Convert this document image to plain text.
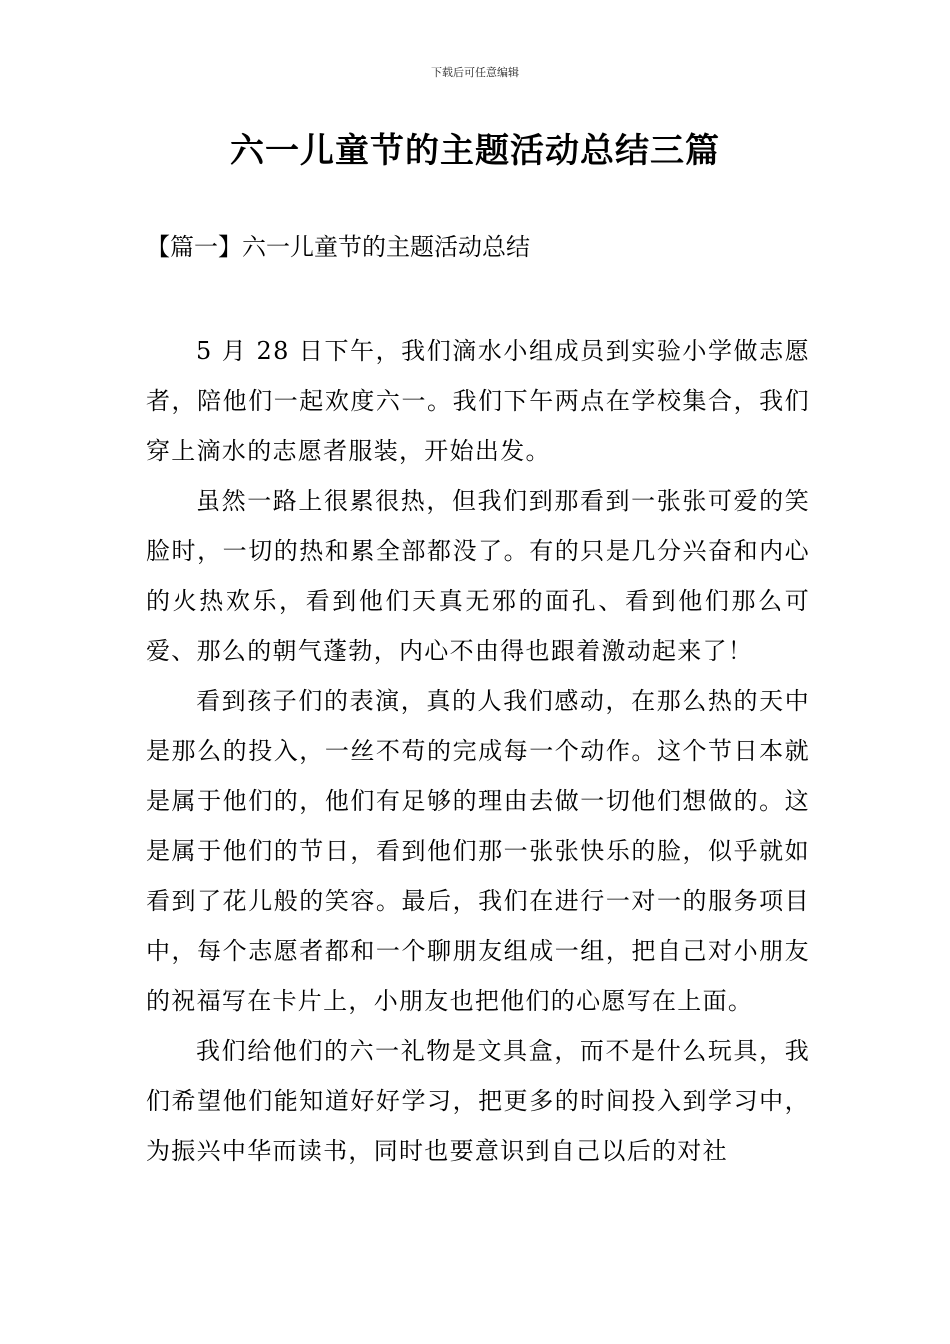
下载后可任意编辑
六一儿童节的主题活动总结三篇
【篇一】六一儿童节的主题活动总结

5 月 28 日下午，我们滴水小组成员到实验小学做志愿者，陪他们一起欢度六一。我们下午两点在学校集合，我们穿上滴水的志愿者服装，开始出发。

虽然一路上很累很热，但我们到那看到一张张可爱的笑脸时，一切的热和累全部都没了。有的只是几分兴奋和内心的火热欢乐，看到他们天真无邪的面孔、看到他们那么可爱、那么的朝气蓬勃，内心不由得也跟着激动起来了！

看到孩子们的表演，真的人我们感动，在那么热的天中是那么的投入，一丝不苟的完成每一个动作。这个节日本就是属于他们的，他们有足够的理由去做一切他们想做的。这是属于他们的节日，看到他们那一张张快乐的脸，似乎就如看到了花儿般的笑容。最后，我们在进行一对一的服务项目中，每个志愿者都和一个聊朋友组成一组，把自己对小朋友的祝福写在卡片上，小朋友也把他们的心愿写在上面。

我们给他们的六一礼物是文具盒，而不是什么玩具，我们希望他们能知道好好学习，把更多的时间投入到学习中，为振兴中华而读书，同时也要意识到自己以后的对社
